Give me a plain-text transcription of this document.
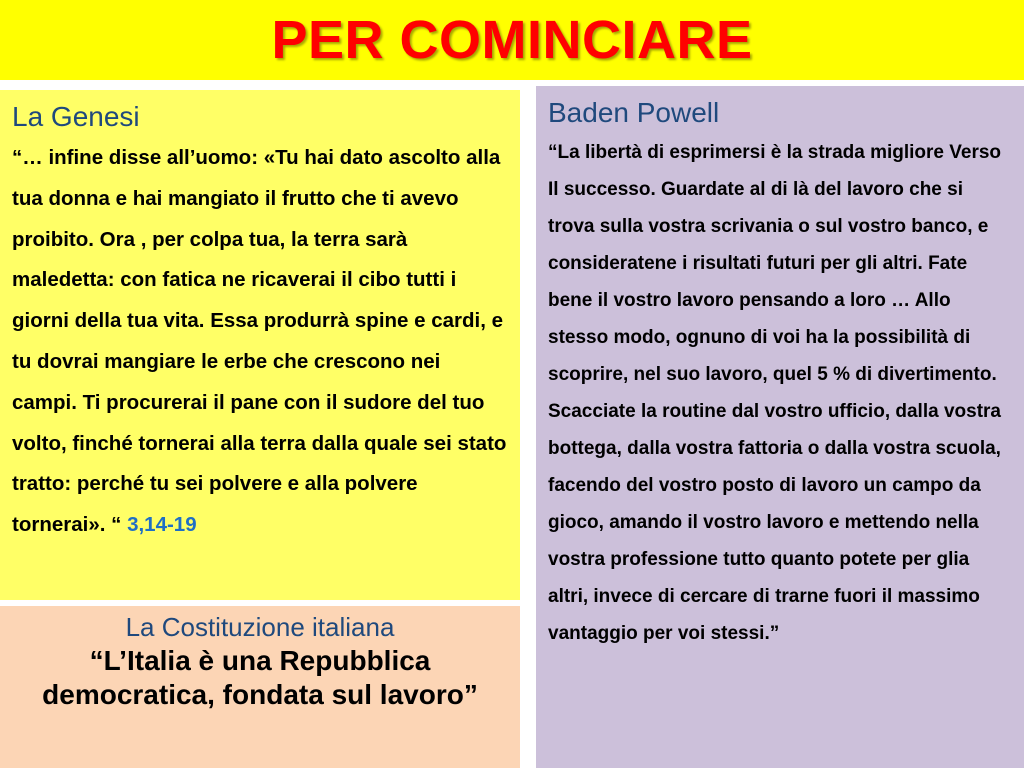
PER COMINCIARE
La Genesi
“… infine disse all’uomo: «Tu hai dato ascolto alla tua donna e hai mangiato il frutto che ti avevo proibito. Ora , per colpa tua, la terra sarà maledetta: con fatica ne ricaverai il cibo tutti i giorni della tua vita. Essa produrrà spine e cardi, e tu dovrai mangiare le erbe che crescono nei campi. Ti procurerai il pane con il sudore del tuo volto, finché tornerai alla terra dalla quale sei stato tratto: perché tu sei polvere e alla polvere tornerai». “ 3,14-19
Baden Powell
“La libertà di esprimersi è la strada migliore Verso Il successo. Guardate al di là del lavoro che si trova sulla vostra scrivania o sul vostro banco, e consideratene i risultati futuri per gli altri. Fate bene il vostro lavoro pensando a loro … Allo stesso modo, ognuno di voi ha la possibilità di scoprire, nel suo lavoro, quel 5 % di divertimento. Scacciate la routine dal vostro ufficio, dalla vostra bottega, dalla vostra fattoria o dalla vostra scuola, facendo del vostro posto di lavoro un campo da gioco, amando il vostro lavoro e mettendo nella vostra professione tutto quanto potete per glia altri, invece di cercare di trarne fuori il massimo vantaggio per voi stessi.”
La Costituzione italiana
“L’Italia è una Repubblica democratica, fondata sul lavoro”
